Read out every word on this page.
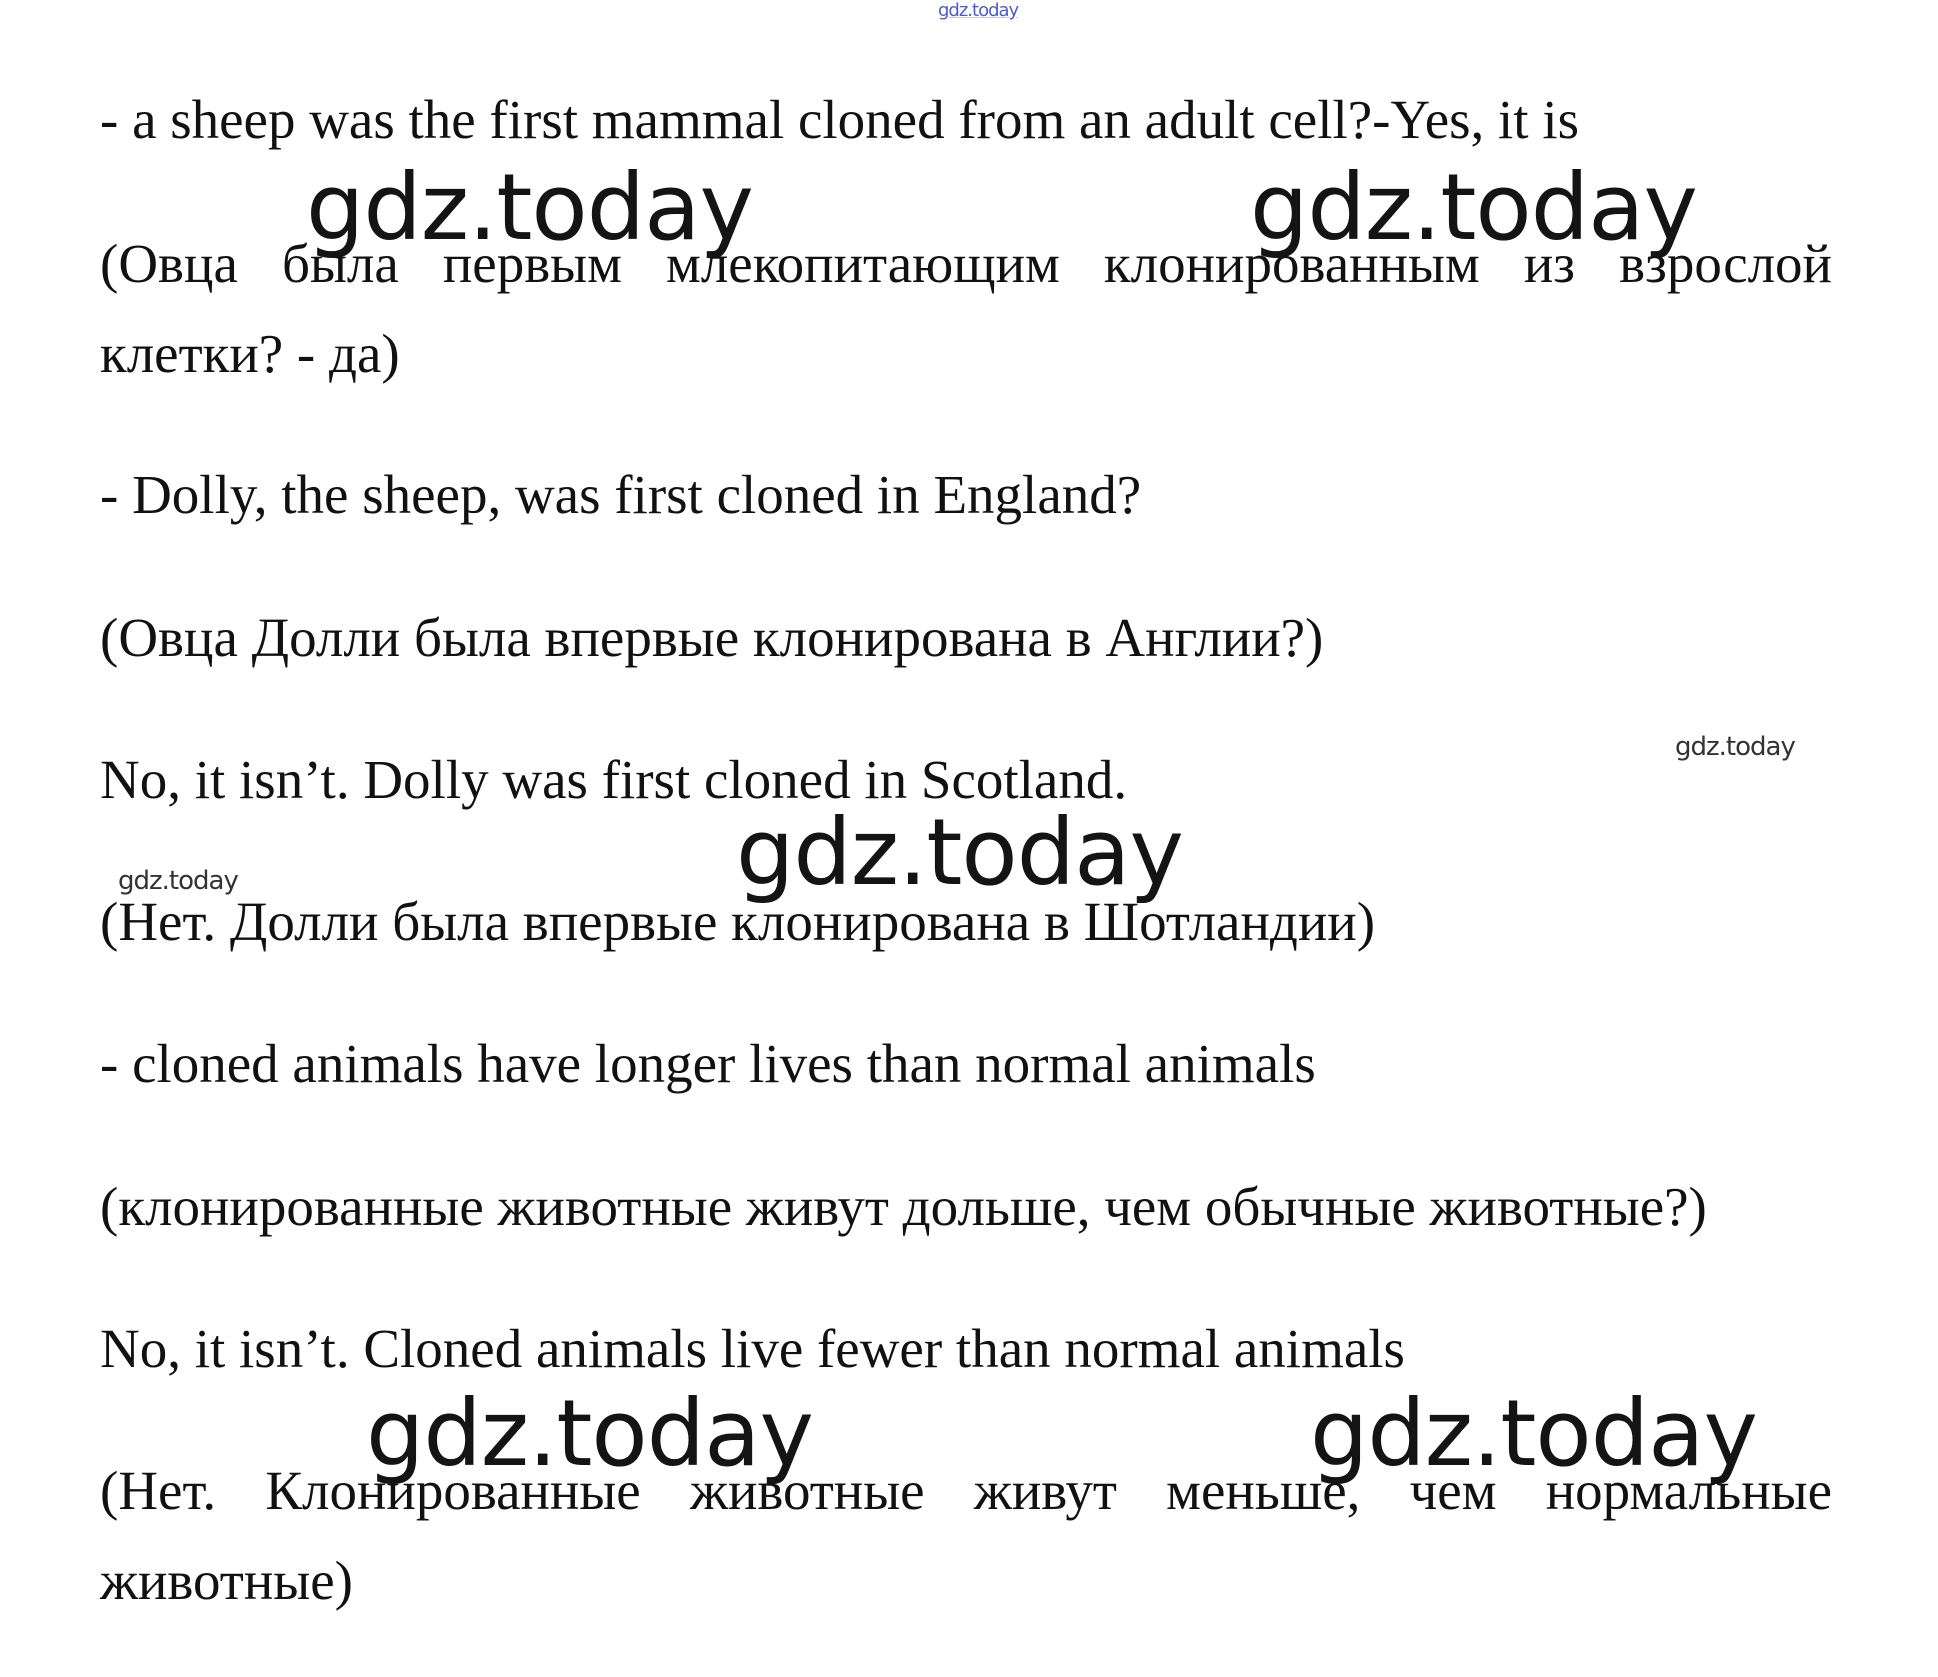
gdz.today

- a sheep was the first mammal cloned from an adult cell?-Yes, it is

gdz.today	gdz.today

(Овца была первым млекопитающим клонированным из взрослой

клетки? - да)

- Dolly, the sheep, was first cloned in England?

(Овца Долли была впервые клонирована в Англии?)

gdz.today

No, it isn’t. Dolly was first cloned in Scotland.

gdz.today
gdz.today

(Нет. Долли была впервые клонирована в Шотландии)

- cloned animals have longer lives than normal animals

(клонированные животные живут дольше, чем обычные животные?)

No, it isn’t. Cloned animals live fewer than normal animals

gdz.today	gdz.today

(Нет. Клонированные животные живут меньше, чем нормальные

животные)
